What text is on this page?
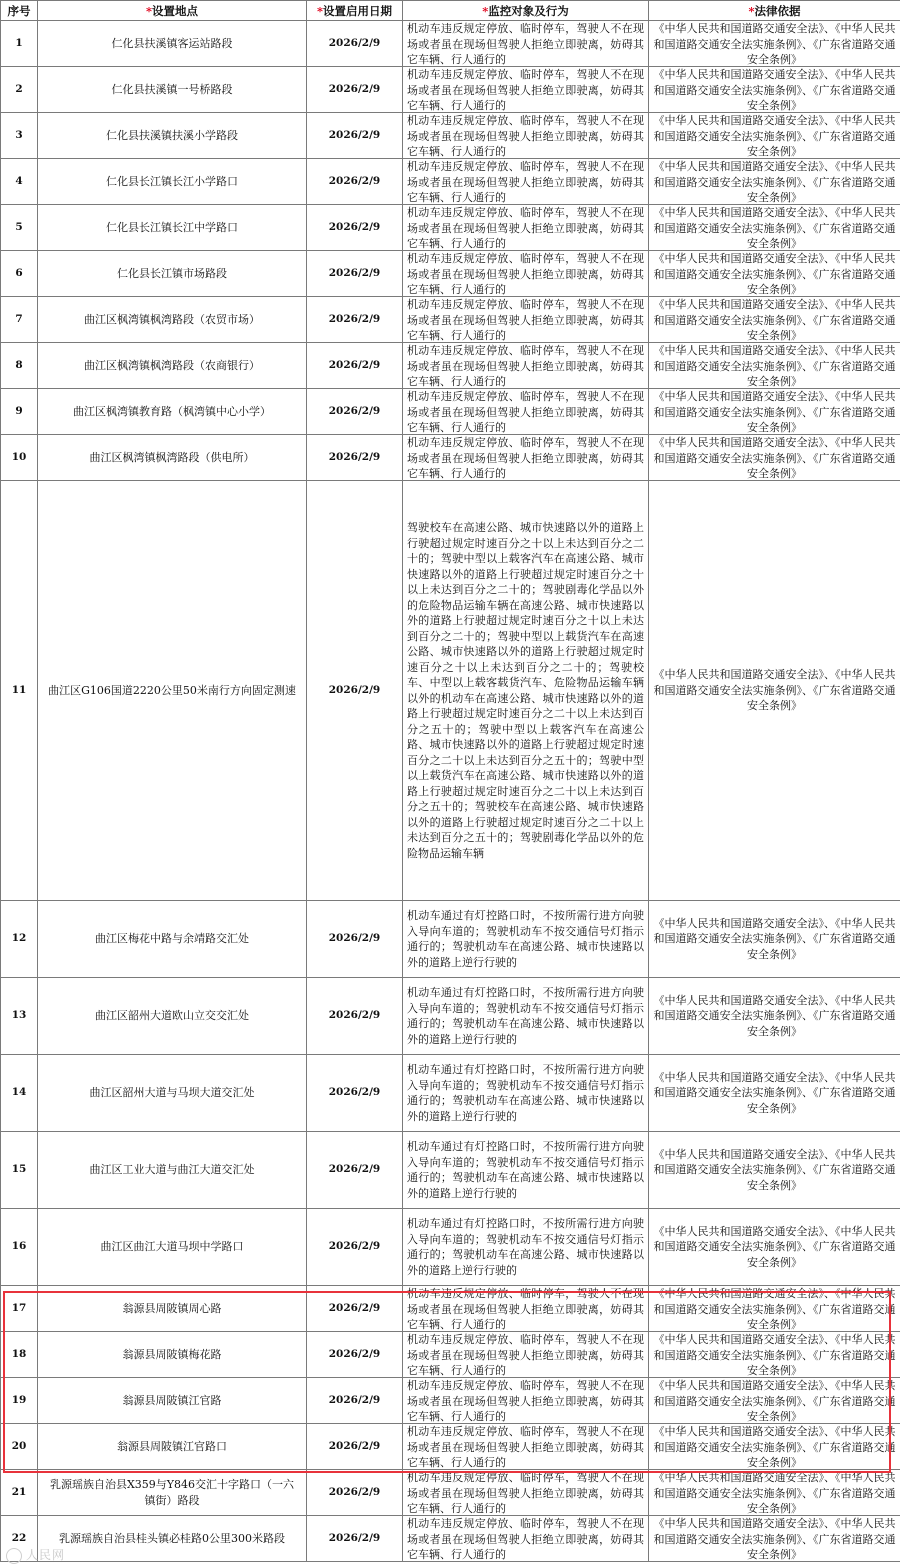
序号	*设置地点	*设置启用日期	*监控对象及行为	*法律依据

1	仁化县扶溪镇客运站路段	2026/2/9	机动车违反规定停放、临时停车，驾驶人不在现场或者虽在现场但驾驶人拒绝立即驶离，妨碍其它车辆、行人通行的	《中华人民共和国道路交通安全法》、《中华人民共和国道路交通安全法实施条例》、《广东省道路交通安全条例》

2	仁化县扶溪镇一号桥路段	2026/2/9	机动车违反规定停放、临时停车，驾驶人不在现场或者虽在现场但驾驶人拒绝立即驶离，妨碍其它车辆、行人通行的	《中华人民共和国道路交通安全法》、《中华人民共和国道路交通安全法实施条例》、《广东省道路交通安全条例》

3	仁化县扶溪镇扶溪小学路段	2026/2/9	机动车违反规定停放、临时停车，驾驶人不在现场或者虽在现场但驾驶人拒绝立即驶离，妨碍其它车辆、行人通行的	《中华人民共和国道路交通安全法》、《中华人民共和国道路交通安全法实施条例》、《广东省道路交通安全条例》

4	仁化县长江镇长江小学路口	2026/2/9	机动车违反规定停放、临时停车，驾驶人不在现场或者虽在现场但驾驶人拒绝立即驶离，妨碍其它车辆、行人通行的	《中华人民共和国道路交通安全法》、《中华人民共和国道路交通安全法实施条例》、《广东省道路交通安全条例》

5	仁化县长江镇长江中学路口	2026/2/9	机动车违反规定停放、临时停车，驾驶人不在现场或者虽在现场但驾驶人拒绝立即驶离，妨碍其它车辆、行人通行的	《中华人民共和国道路交通安全法》、《中华人民共和国道路交通安全法实施条例》、《广东省道路交通安全条例》

6	仁化县长江镇市场路段	2026/2/9	机动车违反规定停放、临时停车，驾驶人不在现场或者虽在现场但驾驶人拒绝立即驶离，妨碍其它车辆、行人通行的	《中华人民共和国道路交通安全法》、《中华人民共和国道路交通安全法实施条例》、《广东省道路交通安全条例》

7	曲江区枫湾镇枫湾路段（农贸市场）	2026/2/9	机动车违反规定停放、临时停车，驾驶人不在现场或者虽在现场但驾驶人拒绝立即驶离，妨碍其它车辆、行人通行的	《中华人民共和国道路交通安全法》、《中华人民共和国道路交通安全法实施条例》、《广东省道路交通安全条例》

8	曲江区枫湾镇枫湾路段（农商银行）	2026/2/9	机动车违反规定停放、临时停车，驾驶人不在现场或者虽在现场但驾驶人拒绝立即驶离，妨碍其它车辆、行人通行的	《中华人民共和国道路交通安全法》、《中华人民共和国道路交通安全法实施条例》、《广东省道路交通安全条例》

9	曲江区枫湾镇教育路（枫湾镇中心小学）	2026/2/9	机动车违反规定停放、临时停车，驾驶人不在现场或者虽在现场但驾驶人拒绝立即驶离，妨碍其它车辆、行人通行的	《中华人民共和国道路交通安全法》、《中华人民共和国道路交通安全法实施条例》、《广东省道路交通安全条例》

10	曲江区枫湾镇枫湾路段（供电所）	2026/2/9	机动车违反规定停放、临时停车，驾驶人不在现场或者虽在现场但驾驶人拒绝立即驶离，妨碍其它车辆、行人通行的	《中华人民共和国道路交通安全法》、《中华人民共和国道路交通安全法实施条例》、《广东省道路交通安全条例》

11	曲江区G106国道2220公里50米南行方向固定测速	2026/2/9	驾驶校车在高速公路、城市快速路以外的道路上行驶超过规定时速百分之十以上未达到百分之二十的；驾驶中型以上载客汽车在高速公路、城市快速路以外的道路上行驶超过规定时速百分之十以上未达到百分之二十的；驾驶剧毒化学品以外的危险物品运输车辆在高速公路、城市快速路以外的道路上行驶超过规定时速百分之十以上未达到百分之二十的；驾驶中型以上载货汽车在高速公路、城市快速路以外的道路上行驶超过规定时速百分之十以上未达到百分之二十的；驾驶校车、中型以上载客载货汽车、危险物品运输车辆以外的机动车在高速公路、城市快速路以外的道路上行驶超过规定时速百分之二十以上未达到百分之五十的；驾驶中型以上载客汽车在高速公路、城市快速路以外的道路上行驶超过规定时速百分之二十以上未达到百分之五十的；驾驶中型以上载货汽车在高速公路、城市快速路以外的道路上行驶超过规定时速百分之二十以上未达到百分之五十的；驾驶校车在高速公路、城市快速路以外的道路上行驶超过规定时速百分之二十以上未达到百分之五十的；驾驶剧毒化学品以外的危险物品运输车辆	《中华人民共和国道路交通安全法》、《中华人民共和国道路交通安全法实施条例》、《广东省道路交通安全条例》

12	曲江区梅花中路与余靖路交汇处	2026/2/9	机动车通过有灯控路口时，不按所需行进方向驶入导向车道的；驾驶机动车不按交通信号灯指示通行的；驾驶机动车在高速公路、城市快速路以外的道路上逆行行驶的	《中华人民共和国道路交通安全法》、《中华人民共和国道路交通安全法实施条例》、《广东省道路交通安全条例》

13	曲江区韶州大道欧山立交交汇处	2026/2/9	机动车通过有灯控路口时，不按所需行进方向驶入导向车道的；驾驶机动车不按交通信号灯指示通行的；驾驶机动车在高速公路、城市快速路以外的道路上逆行行驶的	《中华人民共和国道路交通安全法》、《中华人民共和国道路交通安全法实施条例》、《广东省道路交通安全条例》

14	曲江区韶州大道与马坝大道交汇处	2026/2/9	机动车通过有灯控路口时，不按所需行进方向驶入导向车道的；驾驶机动车不按交通信号灯指示通行的；驾驶机动车在高速公路、城市快速路以外的道路上逆行行驶的	《中华人民共和国道路交通安全法》、《中华人民共和国道路交通安全法实施条例》、《广东省道路交通安全条例》

15	曲江区工业大道与曲江大道交汇处	2026/2/9	机动车通过有灯控路口时，不按所需行进方向驶入导向车道的；驾驶机动车不按交通信号灯指示通行的；驾驶机动车在高速公路、城市快速路以外的道路上逆行行驶的	《中华人民共和国道路交通安全法》、《中华人民共和国道路交通安全法实施条例》、《广东省道路交通安全条例》

16	曲江区曲江大道马坝中学路口	2026/2/9	机动车通过有灯控路口时，不按所需行进方向驶入导向车道的；驾驶机动车不按交通信号灯指示通行的；驾驶机动车在高速公路、城市快速路以外的道路上逆行行驶的	《中华人民共和国道路交通安全法》、《中华人民共和国道路交通安全法实施条例》、《广东省道路交通安全条例》

17	翁源县周陂镇周心路	2026/2/9	机动车违反规定停放、临时停车，驾驶人不在现场或者虽在现场但驾驶人拒绝立即驶离，妨碍其它车辆、行人通行的	《中华人民共和国道路交通安全法》、《中华人民共和国道路交通安全法实施条例》、《广东省道路交通安全条例》

18	翁源县周陂镇梅花路	2026/2/9	机动车违反规定停放、临时停车，驾驶人不在现场或者虽在现场但驾驶人拒绝立即驶离，妨碍其它车辆、行人通行的	《中华人民共和国道路交通安全法》、《中华人民共和国道路交通安全法实施条例》、《广东省道路交通安全条例》

19	翁源县周陂镇江官路	2026/2/9	机动车违反规定停放、临时停车，驾驶人不在现场或者虽在现场但驾驶人拒绝立即驶离，妨碍其它车辆、行人通行的	《中华人民共和国道路交通安全法》、《中华人民共和国道路交通安全法实施条例》、《广东省道路交通安全条例》

20	翁源县周陂镇江官路口	2026/2/9	机动车违反规定停放、临时停车，驾驶人不在现场或者虽在现场但驾驶人拒绝立即驶离，妨碍其它车辆、行人通行的	《中华人民共和国道路交通安全法》、《中华人民共和国道路交通安全法实施条例》、《广东省道路交通安全条例》

21	乳源瑶族自治县X359与Y846交汇十字路口（一六镇街）路段	2026/2/9	机动车违反规定停放、临时停车，驾驶人不在现场或者虽在现场但驾驶人拒绝立即驶离，妨碍其它车辆、行人通行的	《中华人民共和国道路交通安全法》、《中华人民共和国道路交通安全法实施条例》、《广东省道路交通安全条例》

22	乳源瑶族自治县桂头镇必桂路0公里300米路段	2026/2/9	机动车违反规定停放、临时停车，驾驶人不在现场或者虽在现场但驾驶人拒绝立即驶离，妨碍其它车辆、行人通行的	《中华人民共和国道路交通安全法》、《中华人民共和国道路交通安全法实施条例》、《广东省道路交通安全条例》
人民网
